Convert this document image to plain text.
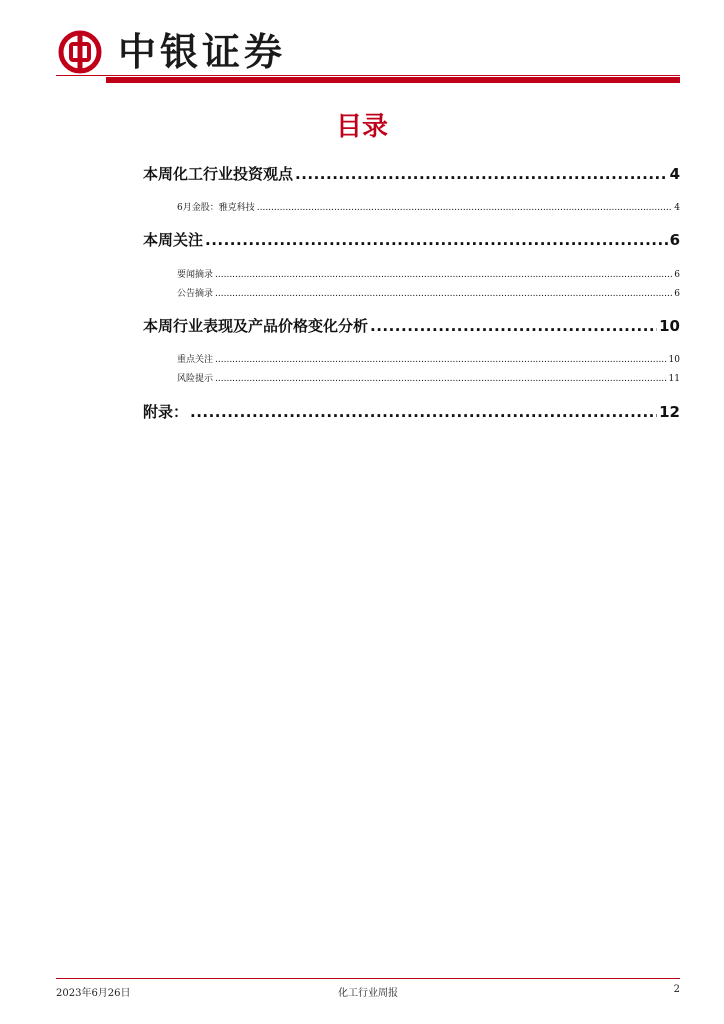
中银证券
目录
本周化工行业投资观点 .....	4
6月金股：雅克科技 .....	4
本周关注 .....	6
要闻摘录 .....	6
公告摘录 .....	6
本周行业表现及产品价格变化分析 .....	10
重点关注 .....	10
风险提示 .....	11
附录： .....	12
2023年6月26日	化工行业周报	2
